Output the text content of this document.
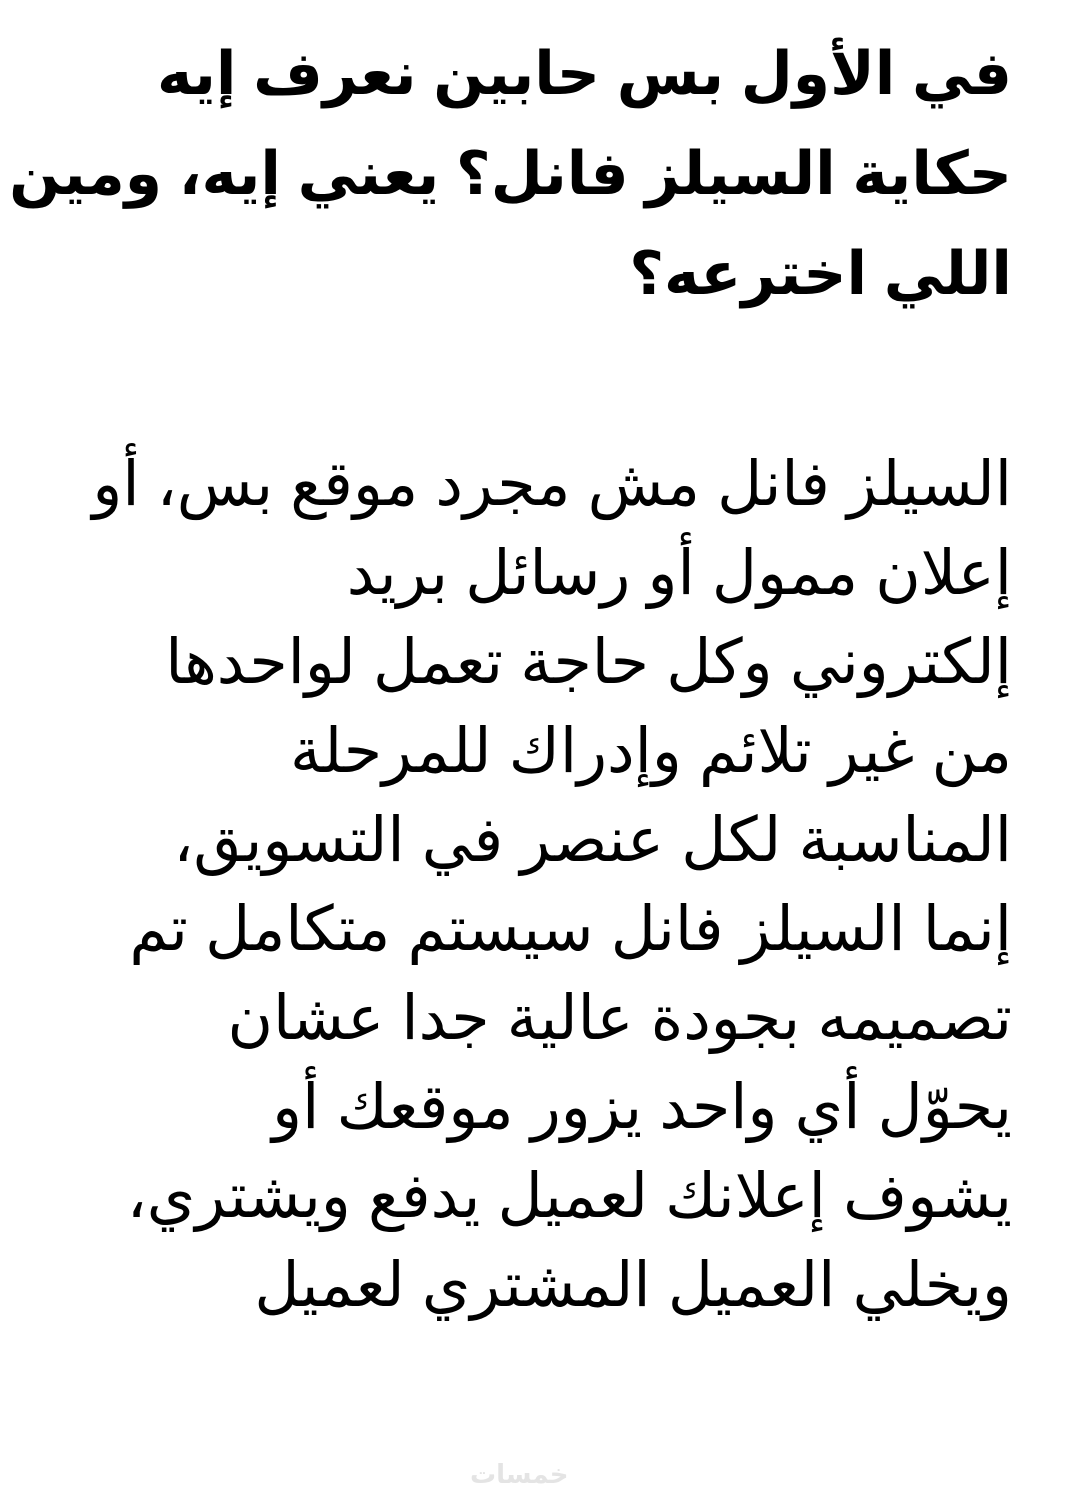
في الأول بس حابين نعرف إيه
حكاية السيلز فانل؟ يعني إيه، ومين
اللي اخترعه؟

السيلز فانل مش مجرد موقع بس، أو
إعلان ممول أو رسائل بريد
إلكتروني وكل حاجة تعمل لواحدها
من غير تلائم وإدراك للمرحلة
المناسبة لكل عنصر في التسويق،
إنما السيلز فانل سيستم متكامل تم
تصميمه بجودة عالية جدا عشان
يحوّل أي واحد يزور موقعك أو
يشوف إعلانك لعميل يدفع ويشتري،
ويخلي العميل المشتري لعميل

خمسات
